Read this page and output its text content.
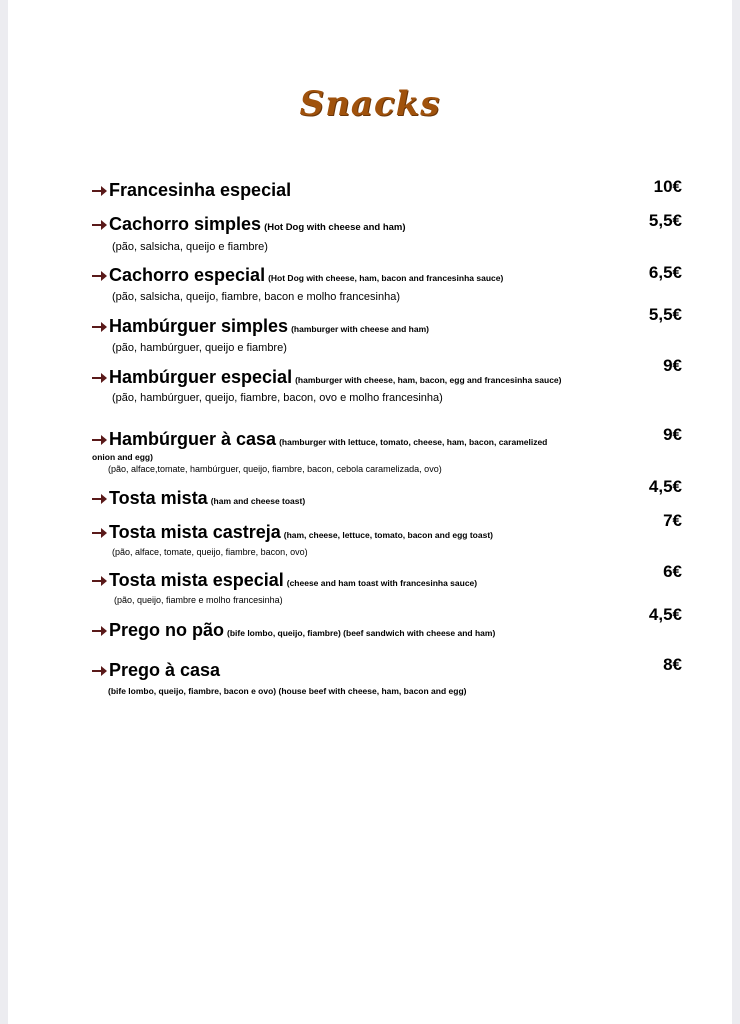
Snacks
Francesinha especial	10€
Cachorro simples (Hot Dog with cheese and ham)
(pão, salsicha, queijo e fiambre)
5,5€
Cachorro especial (Hot Dog with cheese, ham, bacon and francesinha sauce)
(pão, salsicha, queijo, fiambre, bacon e molho francesinha)
6,5€
Hambúrguer simples (hamburger with cheese and ham)
(pão, hambúrguer, queijo e fiambre)
5,5€
Hambúrguer especial (hamburger with cheese, ham, bacon, egg and francesinha sauce)
(pão, hambúrguer, queijo, fiambre, bacon, ovo e molho francesinha)
9€
Hambúrguer à casa (hamburger with lettuce, tomato, cheese, ham, bacon, caramelized onion and egg)
(pão, alface,tomate, hambúrguer, queijo, fiambre, bacon, cebola caramelizada, ovo)
9€
Tosta mista (ham and cheese toast)
4,5€
Tosta mista castreja (ham, cheese, lettuce, tomato, bacon and egg toast)
(pão, alface, tomate, queijo, fiambre, bacon, ovo)
7€
Tosta mista especial (cheese and ham toast with francesinha sauce)
(pão, queijo, fiambre e molho francesinha)
6€
Prego no pão (bife lombo, queijo, fiambre) (beef sandwich with cheese and ham)
4,5€
Prego à casa
(bife lombo, queijo, fiambre, bacon e ovo) (house beef with cheese, ham, bacon and egg)
8€
